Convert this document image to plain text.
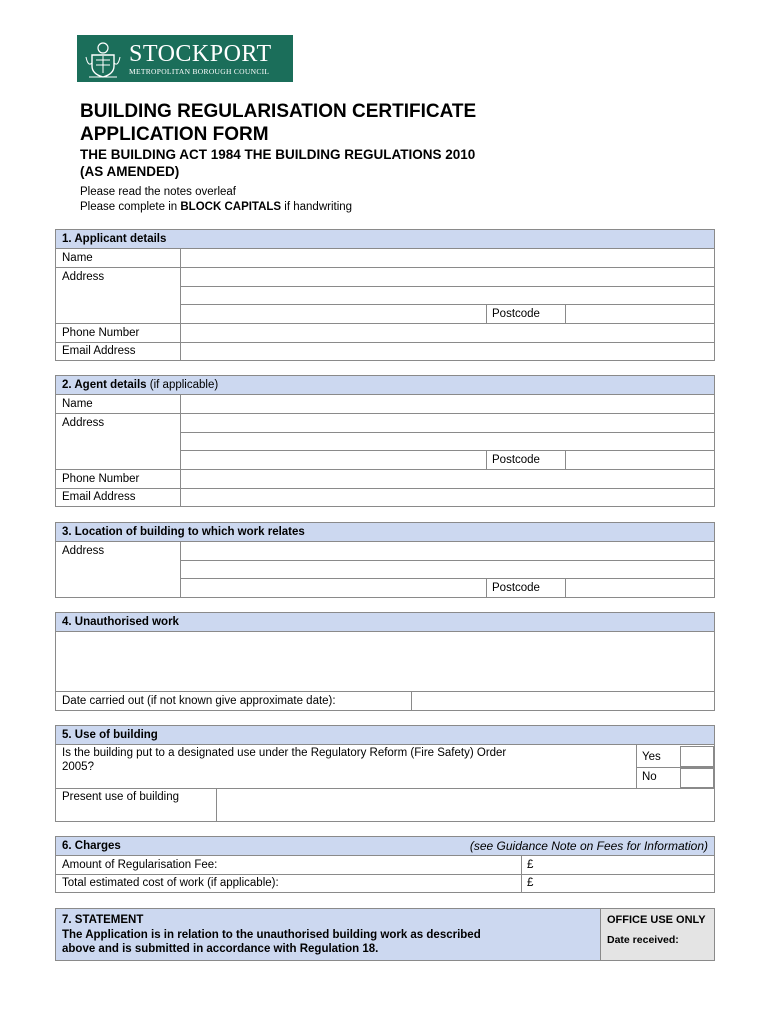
STOCKPORT
METROPOLITAN BOROUGH COUNCIL
BUILDING REGULARISATION CERTIFICATE
APPLICATION FORM
THE BUILDING ACT 1984 THE BUILDING REGULATIONS 2010
(AS AMENDED)
Please read the notes overleaf
Please complete in BLOCK CAPITALS if handwriting
1. Applicant details
Name
Address
Phone Number
Email Address
Postcode
2. Agent details (if applicable)
Name
Address
Phone Number
Email Address
Postcode
3. Location of building to which work relates
Address
Postcode
4. Unauthorised work
Date carried out (if not known give approximate date):
5. Use of building
Is the building put to a designated use under the Regulatory Reform (Fire Safety) Order
2005?
Yes
No
Present use of building
6. Charges	(see Guidance Note on Fees for Information)
Amount of Regularisation Fee:
Total estimated cost of work (if applicable):
£
£
7. STATEMENT
The Application is in relation to the unauthorised building work as described
above and is submitted in accordance with Regulation 18.
OFFICE USE ONLY
Date received:
